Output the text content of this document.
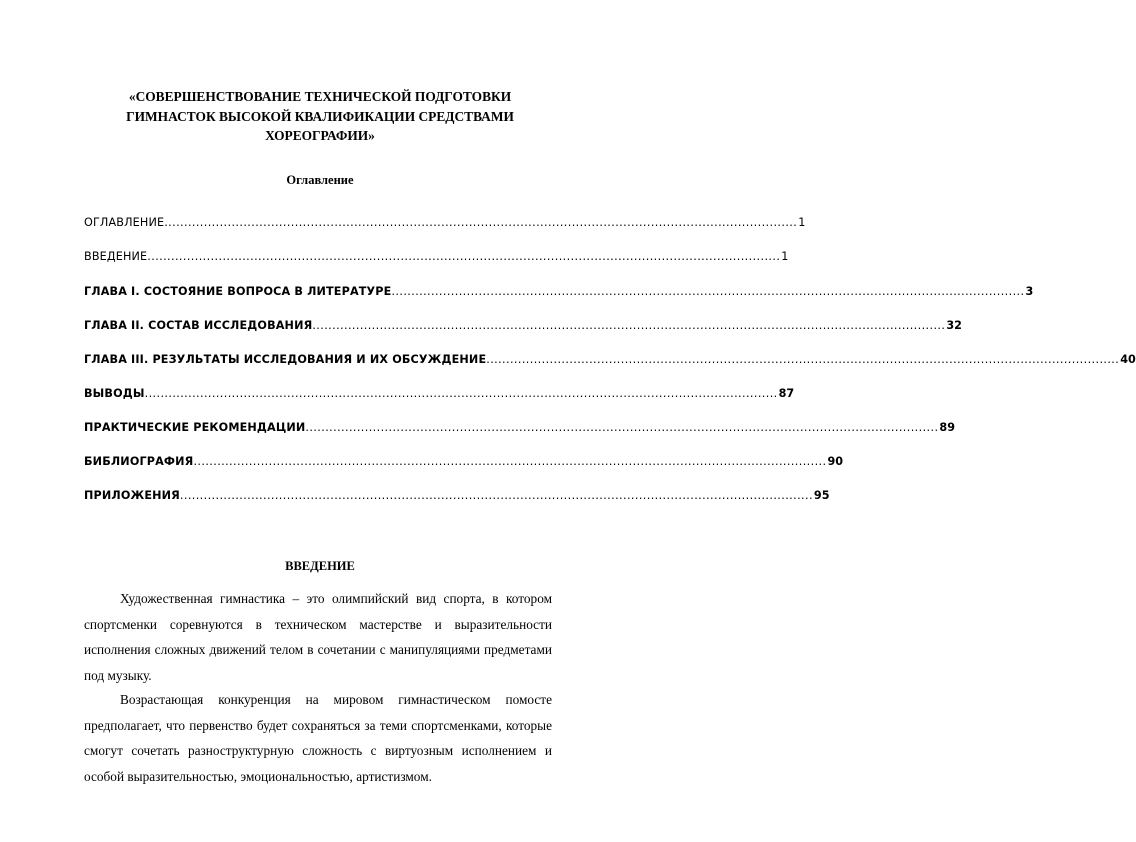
«СОВЕРШЕНСТВОВАНИЕ ТЕХНИЧЕСКОЙ ПОДГОТОВКИ
ГИМНАСТОК ВЫСОКОЙ КВАЛИФИКАЦИИ СРЕДСТВАМИ
ХОРЕОГРАФИИ»
Оглавление
ОГЛАВЛЕНИЕ ................................................................................................................................................................ 1
ВВЕДЕНИЕ ................................................................................................................................................................ 1
ГЛАВА I. СОСТОЯНИЕ ВОПРОСА В ЛИТЕРАТУРЕ ................................................................................................................................................................ 3
ГЛАВА II. СОСТАВ ИССЛЕДОВАНИЯ ................................................................................................................................................................ 32
ГЛАВА III. РЕЗУЛЬТАТЫ ИССЛЕДОВАНИЯ И ИХ ОБСУЖДЕНИЕ ................................................................................................................................................................ 40
ВЫВОДЫ ................................................................................................................................................................ 87
ПРАКТИЧЕСКИЕ РЕКОМЕНДАЦИИ ................................................................................................................................................................ 89
БИБЛИОГРАФИЯ ................................................................................................................................................................ 90
ПРИЛОЖЕНИЯ ................................................................................................................................................................ 95
ВВЕДЕНИЕ

Художественная гимнастика – это олимпийский вид спорта, в котором спортсменки соревнуются в техническом мастерстве и выразительности исполнения сложных движений телом в сочетании с манипуляциями предметами под музыку.

Возрастающая конкуренция на мировом гимнастическом помосте предполагает, что первенство будет сохраняться за теми спортсменками, которые смогут сочетать разноструктурную сложность с виртуозным исполнением и особой выразительностью, эмоциональностью, артистизмом.
